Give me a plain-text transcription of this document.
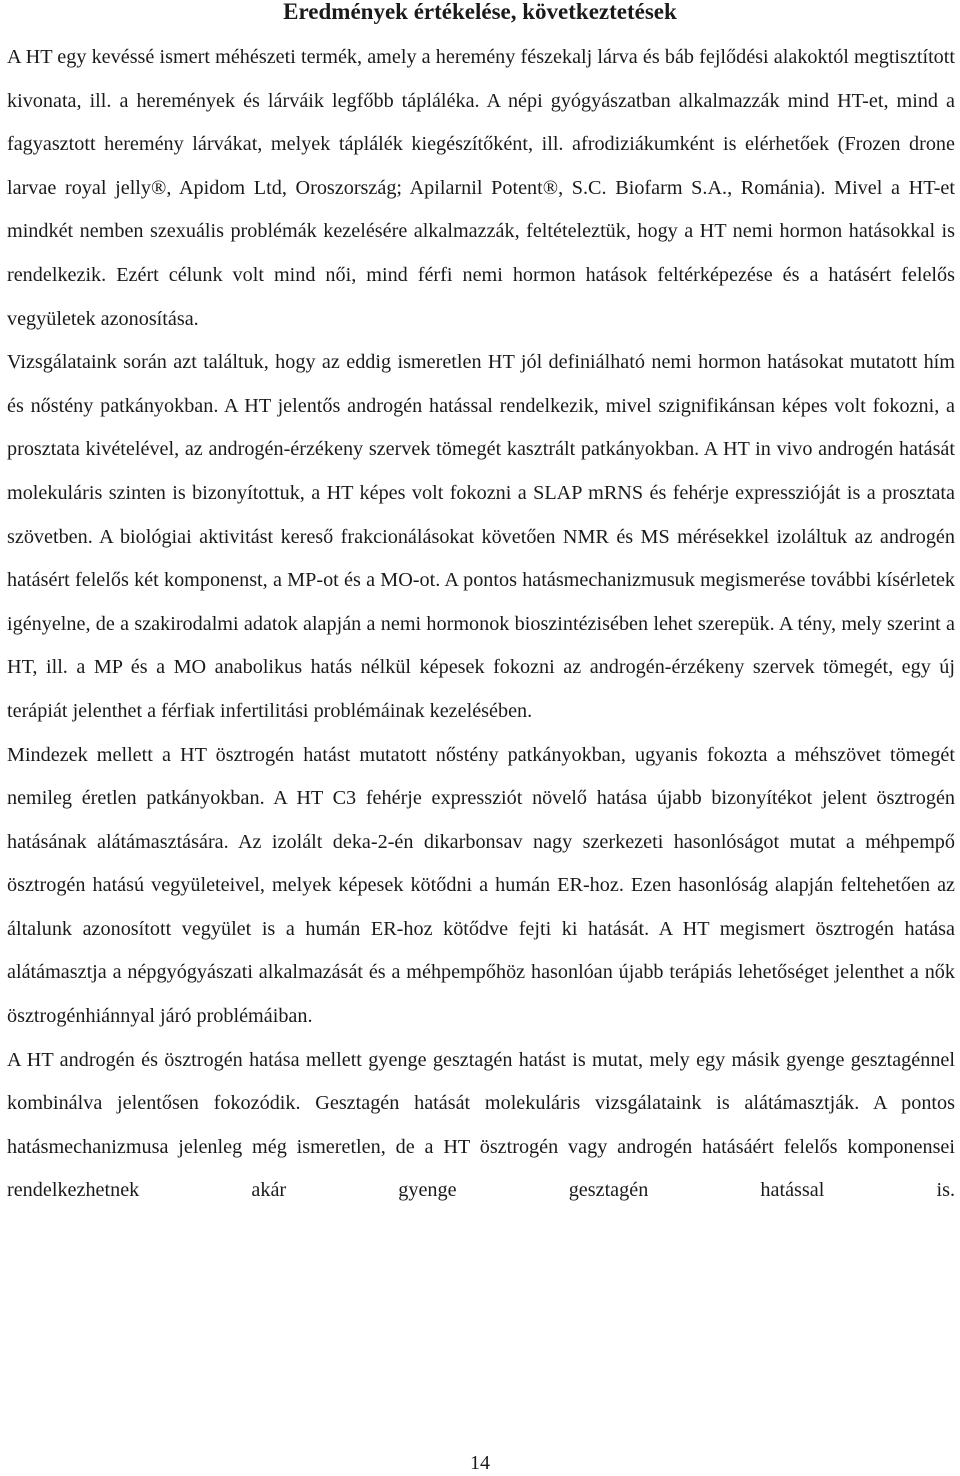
Eredmények értékelése, következtetések

A HT egy kevéssé ismert méhészeti termék, amely a heremény fészekalj lárva és báb fejlődési alakoktól megtisztított kivonata, ill. a heremények és lárváik legfőbb tápláléka. A népi gyógyászatban alkalmazzák mind HT-et, mind a fagyasztott heremény lárvákat, melyek táplálék kiegészítőként, ill. afrodiziákumként is elérhetőek (Frozen drone larvae royal jelly®, Apidom Ltd, Oroszország; Apilarnil Potent®, S.C. Biofarm S.A., Románia). Mivel a HT-et mindkét nemben szexuális problémák kezelésére alkalmazzák, feltételeztük, hogy a HT nemi hormon hatásokkal is rendelkezik. Ezért célunk volt mind női, mind férfi nemi hormon hatások feltérképezése és a hatásért felelős vegyületek azonosítása.

Vizsgálataink során azt találtuk, hogy az eddig ismeretlen HT jól definiálható nemi hormon hatásokat mutatott hím és nőstény patkányokban. A HT jelentős androgén hatással rendelkezik, mivel szignifikánsan képes volt fokozni, a prosztata kivételével, az androgén-érzékeny szervek tömegét kasztrált patkányokban. A HT in vivo androgén hatását molekuláris szinten is bizonyítottuk, a HT képes volt fokozni a SLAP mRNS és fehérje expresszióját is a prosztata szövetben. A biológiai aktivitást kereső frakcionálásokat követően NMR és MS mérésekkel izoláltuk az androgén hatásért felelős két komponenst, a MP-ot és a MO-ot. A pontos hatásmechanizmusuk megismerése további kísérletek igényelne, de a szakirodalmi adatok alapján a nemi hormonok bioszintézisében lehet szerepük. A tény, mely szerint a HT, ill. a MP és a MO anabolikus hatás nélkül képesek fokozni az androgén-érzékeny szervek tömegét, egy új terápiát jelenthet a férfiak infertilitási problémáinak kezelésében.

Mindezek mellett a HT ösztrogén hatást mutatott nőstény patkányokban, ugyanis fokozta a méhszövet tömegét nemileg éretlen patkányokban. A HT C3 fehérje expressziót növelő hatása újabb bizonyítékot jelent ösztrogén hatásának alátámasztására. Az izolált deka-2-én dikarbonsav nagy szerkezeti hasonlóságot mutat a méhpempő ösztrogén hatású vegyületeivel, melyek képesek kötődni a humán ER-hoz. Ezen hasonlóság alapján feltehetően az általunk azonosított vegyület is a humán ER-hoz kötődve fejti ki hatását. A HT megismert ösztrogén hatása alátámasztja a népgyógyászati alkalmazását és a méhpempőhöz hasonlóan újabb terápiás lehetőséget jelenthet a nők ösztrogénhiánnyal járó problémáiban.

A HT androgén és ösztrogén hatása mellett gyenge gesztagén hatást is mutat, mely egy másik gyenge gesztagénnel kombinálva jelentősen fokozódik. Gesztagén hatását molekuláris vizsgálataink is alátámasztják. A pontos hatásmechanizmusa jelenleg még ismeretlen, de a HT ösztrogén vagy androgén hatásáért felelős komponensei rendelkezhetnek akár gyenge gesztagén hatással is.

14
